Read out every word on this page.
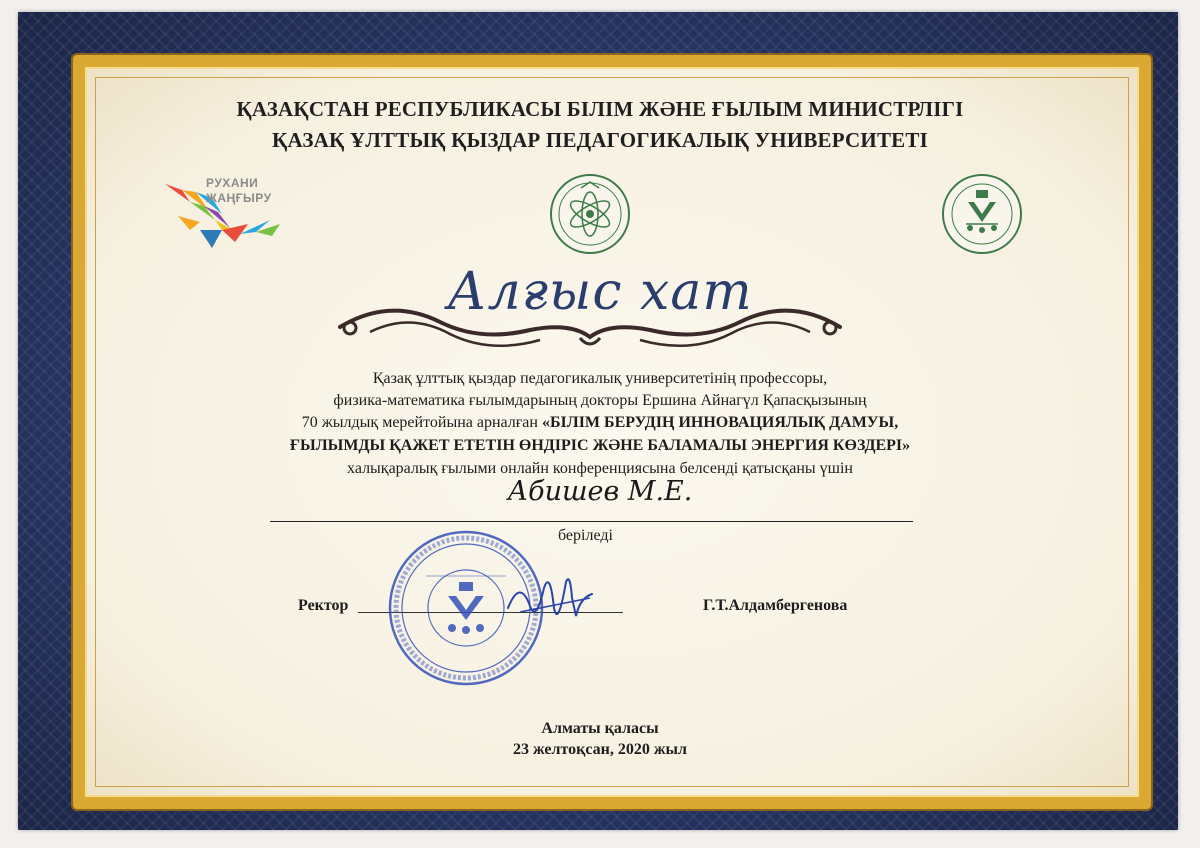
ҚАЗАҚСТАН РЕСПУБЛИКАСЫ БІЛІМ ЖӘНЕ ҒЫЛЫМ МИНИСТРЛІГІ
ҚАЗАҚ ҰЛТТЫҚ ҚЫЗДАР ПЕДАГОГИКАЛЫҚ УНИВЕРСИТЕТІ
РУХАНИ
ЖАҢҒЫРУ
Алғыс хат
Қазақ ұлттық қыздар педагогикалық университетінің профессоры,
физика-математика ғылымдарының докторы Ершина Айнагүл Қапасқызының
70 жылдық мерейтойына арналған «БІЛІМ БЕРУДІҢ ИННОВАЦИЯЛЫҚ ДАМУЫ,
ҒЫЛЫМДЫ ҚАЖЕТ ЕТЕТІН ӨНДІРІС ЖӘНЕ БАЛАМАЛЫ ЭНЕРГИЯ КӨЗДЕРІ»
халықаралық ғылыми онлайн конференциясына белсенді қатысқаны үшін
Абишев М.Е.
беріледі
Ректор	Г.Т.Алдамбергенова
Алматы қаласы
23 желтоқсан, 2020 жыл
